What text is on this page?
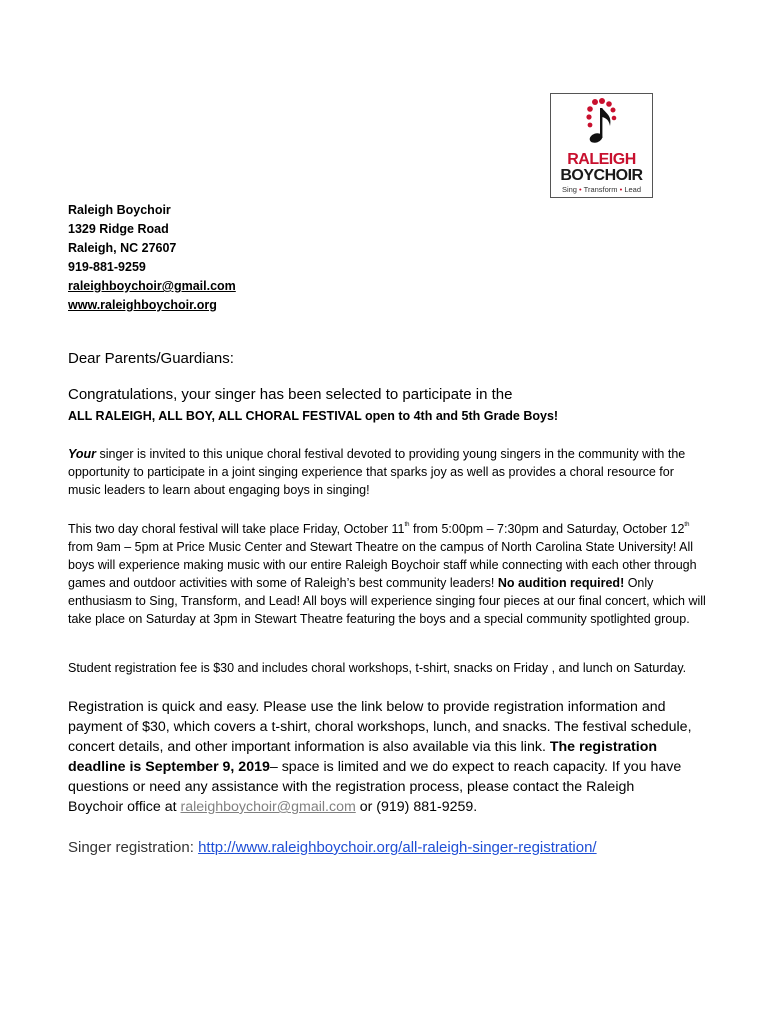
RALEIGH
BOYCHOIR
Sing • Transform • Lead
Raleigh Boychoir
1329 Ridge Road
Raleigh, NC 27607
919-881-9259
raleighboychoir@gmail.com
www.raleighboychoir.org

Dear Parents/Guardians:

Congratulations, your singer has been selected to participate in the

ALL RALEIGH, ALL BOY, ALL CHORAL FESTIVAL open to 4th and 5th Grade Boys!

Your singer is invited to this unique choral festival devoted to providing young singers in the community with the opportunity to participate in a joint singing experience that sparks joy as well as provides a choral resource for music leaders to learn about engaging boys in singing!

This two day choral festival will take place Friday, October 11th from 5:00pm – 7:30pm and Saturday, October 12th from 9am – 5pm at Price Music Center and Stewart Theatre on the campus of North Carolina State University! All boys will experience making music with our entire Raleigh Boychoir staff while connecting with each other through games and outdoor activities with some of Raleigh’s best community leaders! No audition required! Only enthusiasm to Sing, Transform, and Lead! All boys will experience singing four pieces at our final concert, which will take place on Saturday at 3pm in Stewart Theatre featuring the boys and a special community spotlighted group.

Student registration fee is $30 and includes choral workshops, t-shirt, snacks on Friday , and lunch on Saturday.

Registration is quick and easy. Please use the link below to provide registration information and payment of $30, which covers a t-shirt, choral workshops, lunch, and snacks. The festival schedule, concert details, and other important information is also available via this link. The registration deadline is September 9, 2019– space is limited and we do expect to reach capacity. If you have questions or need any assistance with the registration process, please contact the Raleigh Boychoir office at raleighboychoir@gmail.com or (919) 881-9259.

Singer registration: http://www.raleighboychoir.org/all-raleigh-singer-registration/
